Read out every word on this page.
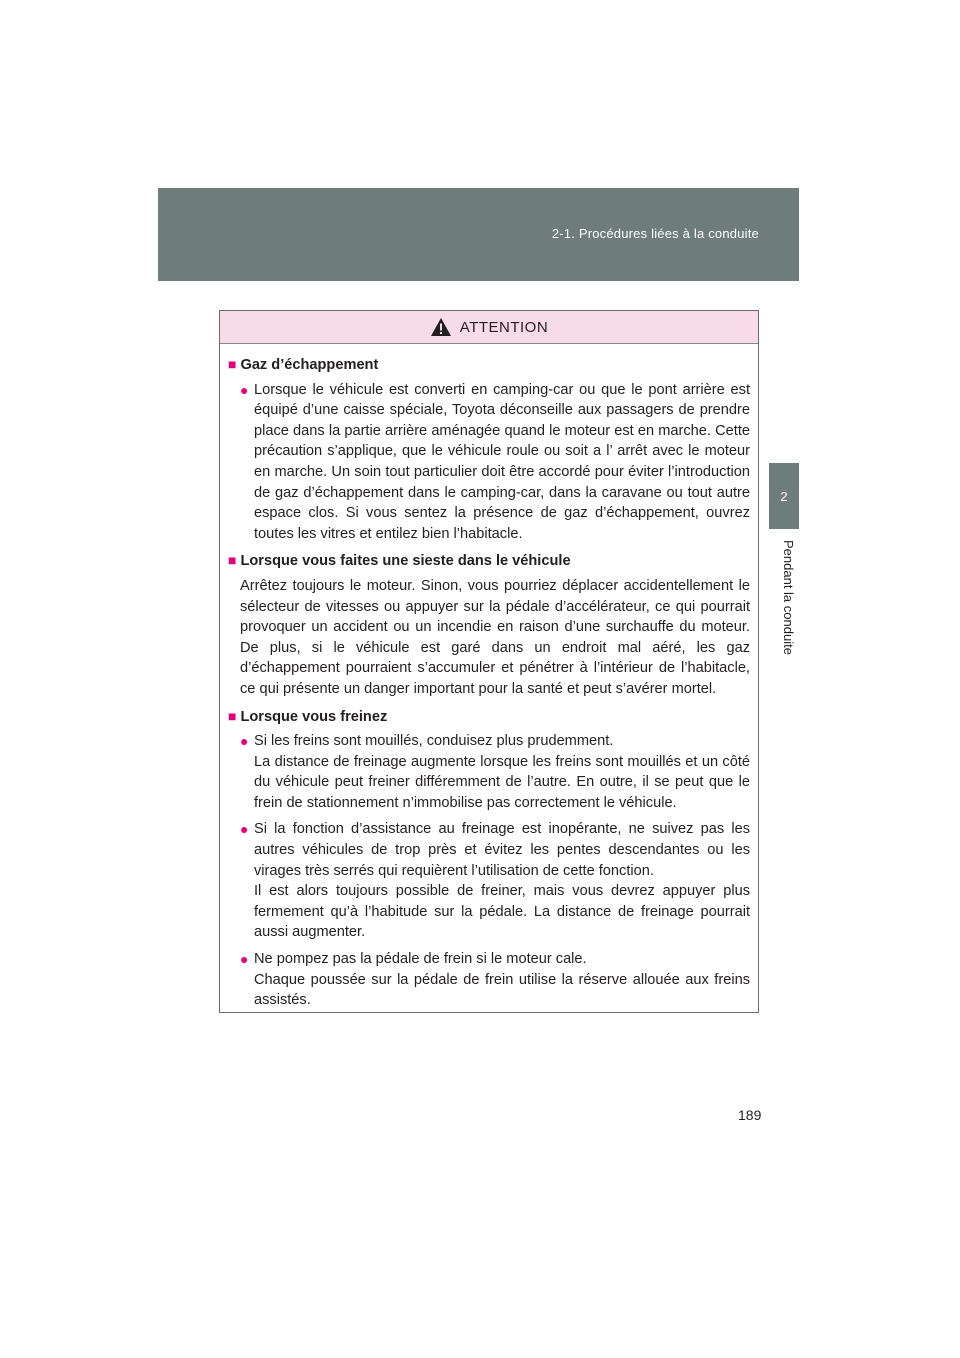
2-1. Procédures liées à la conduite
2
Pendant la conduite
ATTENTION
■ Gaz d’échappement
● Lorsque le véhicule est converti en camping-car ou que le pont arrière est équipé d’une caisse spéciale, Toyota déconseille aux passagers de prendre place dans la partie arrière aménagée quand le moteur est en marche. Cette précaution s’applique, que le véhicule roule ou soit a l’ arrêt avec le moteur en marche. Un soin tout particulier doit être accordé pour éviter l’introduction de gaz d’échappement dans le camping-car, dans la caravane ou tout autre espace clos. Si vous sentez la présence de gaz d’échappement, ouvrez toutes les vitres et entilez bien l’habitacle.
■ Lorsque vous faites une sieste dans le véhicule

Arrêtez toujours le moteur. Sinon, vous pourriez déplacer accidentellement le sélecteur de vitesses ou appuyer sur la pédale d’accélérateur, ce qui pourrait provoquer un accident ou un incendie en raison d’une surchauffe du moteur. De plus, si le véhicule est garé dans un endroit mal aéré, les gaz d’échappement pourraient s’accumuler et pénétrer à l’intérieur de l’habitacle, ce qui présente un danger important pour la santé et peut s’avérer mortel.

■ Lorsque vous freinez
● Si les freins sont mouillés, conduisez plus prudemment.

La distance de freinage augmente lorsque les freins sont mouillés et un côté du véhicule peut freiner différemment de l’autre. En outre, il se peut que le frein de stationnement n’immobilise pas correctement le véhicule.

● Si la fonction d’assistance au freinage est inopérante, ne suivez pas les autres véhicules de trop près et évitez les pentes descendantes ou les virages très serrés qui requièrent l’utilisation de cette fonction.

Il est alors toujours possible de freiner, mais vous devrez appuyer plus fermement qu’à l’habitude sur la pédale. La distance de freinage pourrait aussi augmenter.

● Ne pompez pas la pédale de frein si le moteur cale.

Chaque poussée sur la pédale de frein utilise la réserve allouée aux freins assistés.

189
